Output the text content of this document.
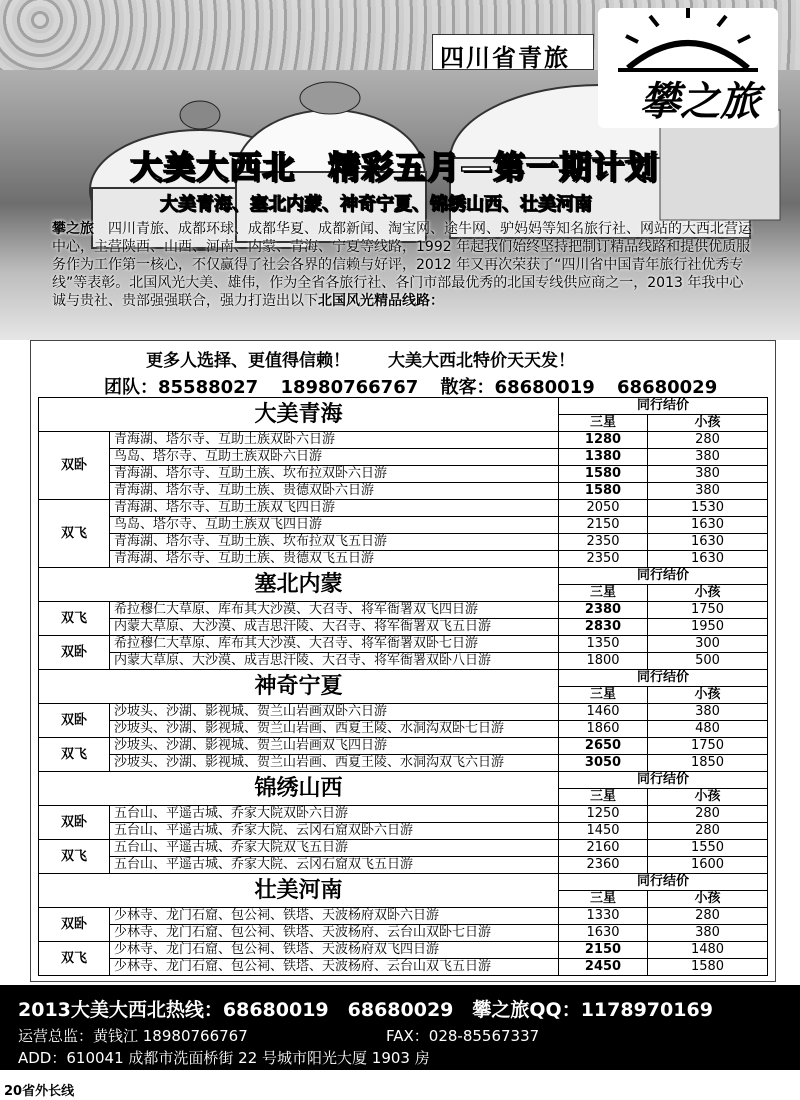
四川省青旅
攀之旅
大美大西北　精彩五月—第一期计划
大美青海、塞北内蒙、神奇宁夏、锦绣山西、壮美河南
攀之旅　四川青旅、成都环球、成都华夏、成都新闻、淘宝网、途牛网、驴妈妈等知名旅行社、网站的大西北营运中心，主营陕西、山西、河南、内蒙、青海、宁夏等线路，1992 年起我们始终坚持把制订精品线路和提供优质服务作为工作第一核心，不仅赢得了社会各界的信赖与好评，2012 年又再次荣获了“四川省中国青年旅行社优秀专线”等表彰。北国风光大美、雄伟，作为全省各旅行社、各门市部最优秀的北国专线供应商之一，2013 年我中心诚与贵社、贵部强强联合，强力打造出以下北国风光精品线路：
更多人选择、更值得信赖！ 大美大西北特价天天发！
团队：85588027 18980766767 散客：68680019 68680029
大美青海		同行结价	
		三星	小孩
双卧	青海湖、塔尔寺、互助土族双卧六日游	1280	280
	鸟岛、塔尔寺、互助土族双卧六日游	1380	380
	青海湖、塔尔寺、互助土族、坎布拉双卧六日游	1580	380
	青海湖、塔尔寺、互助土族、贵德双卧六日游	1580	380
双飞	青海湖、塔尔寺、互助土族双飞四日游	2050	1530
	鸟岛、塔尔寺、互助土族双飞四日游	2150	1630
	青海湖、塔尔寺、互助土族、坎布拉双飞五日游	2350	1630
	青海湖、塔尔寺、互助土族、贵德双飞五日游	2350	1630
塞北内蒙		同行结价	
		三星	小孩
双飞	希拉穆仁大草原、库布其大沙漠、大召寺、将军衙署双飞四日游	2380	1750
	内蒙大草原、大沙漠、成吉思汗陵、大召寺、将军衙署双飞五日游	2830	1950
双卧	希拉穆仁大草原、库布其大沙漠、大召寺、将军衙署双卧七日游	1350	300
	内蒙大草原、大沙漠、成吉思汗陵、大召寺、将军衙署双卧八日游	1800	500
神奇宁夏		同行结价	
		三星	小孩
双卧	沙坡头、沙湖、影视城、贺兰山岩画双卧六日游	1460	380
	沙坡头、沙湖、影视城、贺兰山岩画、西夏王陵、水洞沟双卧七日游	1860	480
双飞	沙坡头、沙湖、影视城、贺兰山岩画双飞四日游	2650	1750
	沙坡头、沙湖、影视城、贺兰山岩画、西夏王陵、水洞沟双飞六日游	3050	1850
锦绣山西		同行结价	
		三星	小孩
双卧	五台山、平遥古城、乔家大院双卧六日游	1250	280
	五台山、平遥古城、乔家大院、云冈石窟双卧六日游	1450	280
双飞	五台山、平遥古城、乔家大院双飞五日游	2160	1550
	五台山、平遥古城、乔家大院、云冈石窟双飞五日游	2360	1600
壮美河南		同行结价	
		三星	小孩
双卧	少林寺、龙门石窟、包公祠、铁塔、天波杨府双卧六日游	1330	280
	少林寺、龙门石窟、包公祠、铁塔、天波杨府、云台山双卧七日游	1630	380
双飞	少林寺、龙门石窟、包公祠、铁塔、天波杨府双飞四日游	2150	1480
	少林寺、龙门石窟、包公祠、铁塔、天波杨府、云台山双飞五日游	2450	1580
2013大美大西北热线：68680019　68680029　攀之旅QQ：1178970169
运营总监：黄钱江 18980766767	FAX：028-85567337
ADD：610041 成都市洗面桥街 22 号城市阳光大厦 1903 房
20省外长线
